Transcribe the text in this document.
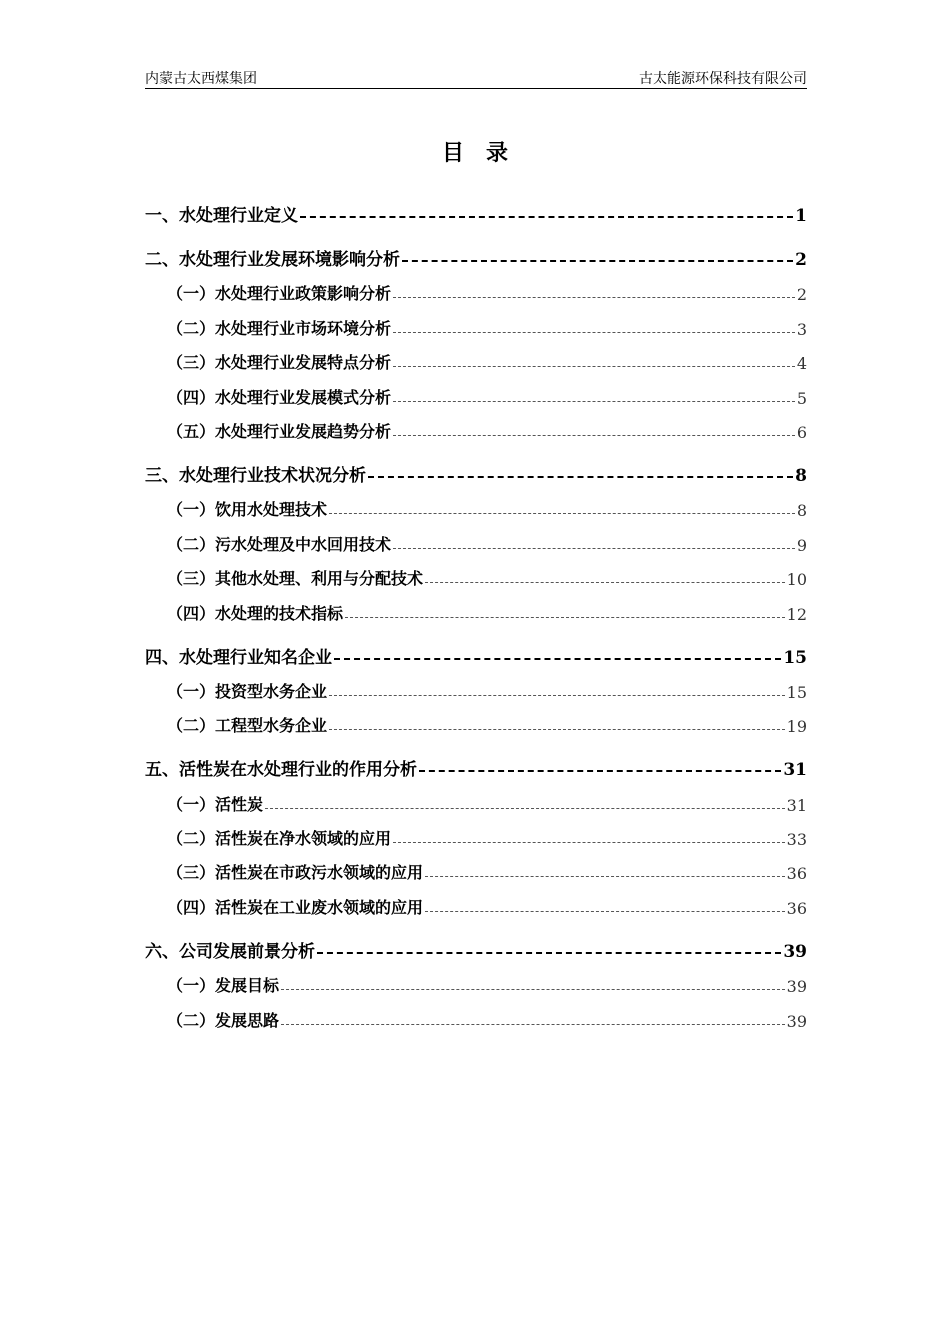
内蒙古太西煤集团	古太能源环保科技有限公司
目录
一、水处理行业定义	1
二、水处理行业发展环境影响分析	2
（一）水处理行业政策影响分析	2
（二）水处理行业市场环境分析	3
（三）水处理行业发展特点分析	4
（四）水处理行业发展模式分析	5
（五）水处理行业发展趋势分析	6
三、水处理行业技术状况分析	8
（一）饮用水处理技术	8
（二）污水处理及中水回用技术	9
（三）其他水处理、利用与分配技术	10
（四）水处理的技术指标	12
四、水处理行业知名企业	15
（一）投资型水务企业	15
（二）工程型水务企业	19
五、活性炭在水处理行业的作用分析	31
（一）活性炭	31
（二）活性炭在净水领域的应用	33
（三）活性炭在市政污水领域的应用	36
（四）活性炭在工业废水领域的应用	36
六、公司发展前景分析	39
（一）发展目标	39
（二）发展思路	39
